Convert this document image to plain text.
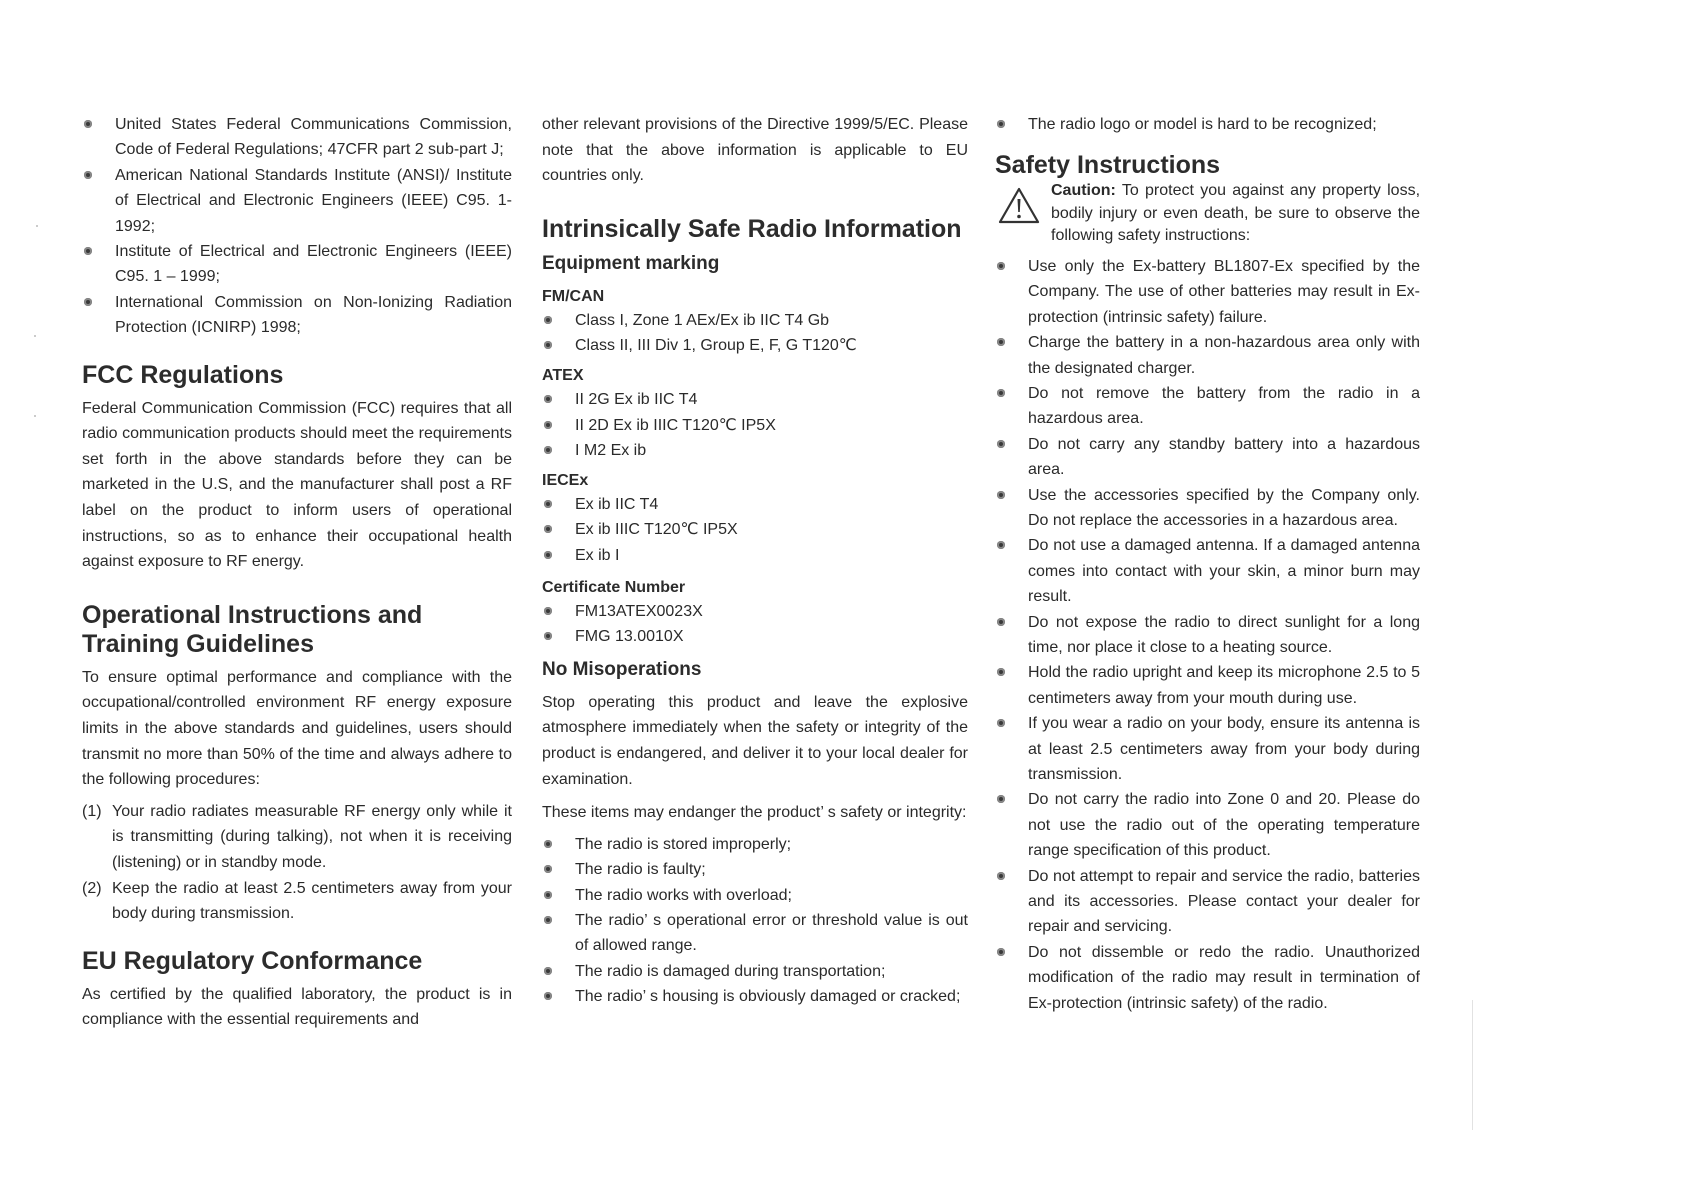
United States Federal Communications Commission, Code of Federal Regulations; 47CFR part 2 sub-part J;
American National Standards Institute (ANSI)/ Institute of Electrical and Electronic Engineers (IEEE) C95. 1-1992;
Institute of Electrical and Electronic Engineers (IEEE) C95. 1 – 1999;
International Commission on Non-Ionizing Radiation Protection (ICNIRP) 1998;
FCC Regulations

Federal Communication Commission (FCC) requires that all radio communication products should meet the requirements set forth in the above standards before they can be marketed in the U.S, and the manufacturer shall post a RF label on the product to inform users of operational instructions, so as to enhance their occupational health against exposure to RF energy.

Operational Instructions and
Training Guidelines

To ensure optimal performance and compliance with the occupational/controlled environment RF energy exposure limits in the above standards and guidelines, users should transmit no more than 50% of the time and always adhere to the following procedures:

(1) Your radio radiates measurable RF energy only while it is transmitting (during talking), not when it is receiving (listening) or in standby mode.
(2) Keep the radio at least 2.5 centimeters away from your body during transmission.
EU Regulatory Conformance

As certified by the qualified laboratory, the product is in compliance with the essential requirements and

other relevant provisions of the Directive 1999/5/EC. Please note that the above information is applicable to EU countries only.

Intrinsically Safe Radio Information
Equipment marking
FM/CAN
Class I, Zone 1 AEx/Ex ib IIC T4 Gb
Class II, III Div 1, Group E, F, G T120℃
ATEX
II 2G Ex ib IIC T4
II 2D Ex ib IIIC T120℃ IP5X
I M2 Ex ib
IECEx
Ex ib IIC T4
Ex ib IIIC T120℃ IP5X
Ex ib I
Certificate Number
FM13ATEX0023X
FMG 13.0010X
No Misoperations

Stop operating this product and leave the explosive atmosphere immediately when the safety or integrity of the product is endangered, and deliver it to your local dealer for examination.

These items may endanger the product’ s safety or integrity:

The radio is stored improperly;
The radio is faulty;
The radio works with overload;
The radio’ s operational error or threshold value is out of allowed range.
The radio is damaged during transportation;
The radio’ s housing is obviously damaged or cracked;
The radio logo or model is hard to be recognized;
Safety Instructions
Caution: To protect you against any property loss, bodily injury or even death, be sure to observe the following safety instructions:
Use only the Ex-battery BL1807-Ex specified by the Company. The use of other batteries may result in Ex-protection (intrinsic safety) failure.
Charge the battery in a non-hazardous area only with the designated charger.
Do not remove the battery from the radio in a hazardous area.
Do not carry any standby battery into a hazardous area.
Use the accessories specified by the Company only. Do not replace the accessories in a hazardous area.
Do not use a damaged antenna. If a damaged antenna comes into contact with your skin, a minor burn may result.
Do not expose the radio to direct sunlight for a long time, nor place it close to a heating source.
Hold the radio upright and keep its microphone 2.5 to 5 centimeters away from your mouth during use.
If you wear a radio on your body, ensure its antenna is at least 2.5 centimeters away from your body during transmission.
Do not carry the radio into Zone 0 and 20. Please do not use the radio out of the operating temperature range specification of this product.
Do not attempt to repair and service the radio, batteries and its accessories. Please contact your dealer for repair and servicing.
Do not dissemble or redo the radio. Unauthorized modification of the radio may result in termination of Ex-protection (intrinsic safety) of the radio.
